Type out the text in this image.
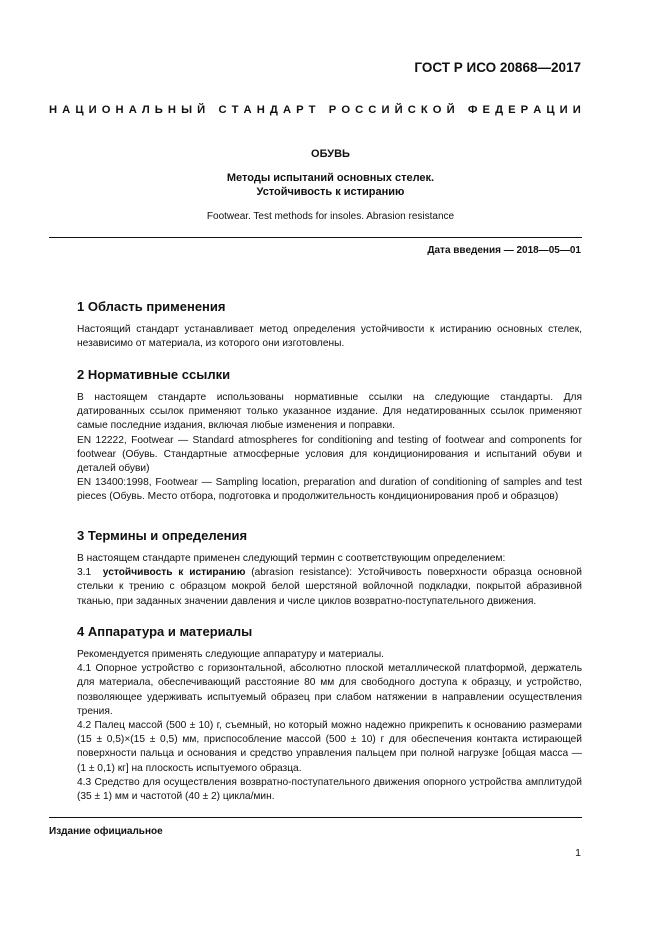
ГОСТ Р ИСО 20868—2017
Н А Ц И О Н А Л Ь Н Ы Й
С Т А Н Д А Р Т
Р О С С И Й С К О Й
Ф Е Д Е Р А Ц И И
ОБУВЬ
Методы испытаний основных стелек.
Устойчивость к истиранию
Footwear. Test methods for insoles. Abrasion resistance
Дата введения — 2018—05—01
1 Область применения

Настоящий стандарт устанавливает метод определения устойчивости к истиранию основных стелек, независимо от материала, из которого они изготовлены.

2 Нормативные ссылки

В настоящем стандарте использованы нормативные ссылки на следующие стандарты. Для датированных ссылок применяют только указанное издание. Для недатированных ссылок применяют самые последние издания, включая любые изменения и поправки.

EN 12222, Footwear — Standard atmospheres for conditioning and testing of footwear and components for footwear (Обувь. Стандартные атмосферные условия для кондиционирования и испытаний обуви и деталей обуви)

EN 13400:1998, Footwear — Sampling location, preparation and duration of conditioning of samples and test pieces (Обувь. Место отбора, подготовка и продолжительность кондиционирования проб и образцов)

3 Термины и определения

В настоящем стандарте применен следующий термин с соответствующим определением:

3.1 устойчивость к истиранию (abrasion resistance): Устойчивость поверхности образца основной стельки к трению с образцом мокрой белой шерстяной войлочной подкладки, покрытой абразивной тканью, при заданных значении давления и числе циклов возвратно-поступательного движения.

4 Аппаратура и материалы

Рекомендуется применять следующие аппаратуру и материалы.

4.1 Опорное устройство с горизонтальной, абсолютно плоской металлической платформой, держатель для материала, обеспечивающий расстояние 80 мм для свободного доступа к образцу, и устройство, позволяющее удерживать испытуемый образец при слабом натяжении в направлении осуществления трения.

4.2 Палец массой (500 ± 10) г, съемный, но который можно надежно прикрепить к основанию размерами (15 ± 0,5)×(15 ± 0,5) мм, приспособление массой (500 ± 10) г для обеспечения контакта истирающей поверхности пальца и основания и средство управления пальцем при полной нагрузке [общая масса — (1 ± 0,1) кг] на плоскость испытуемого образца.

4.3 Средство для осуществления возвратно-поступательного движения опорного устройства амплитудой (35 ± 1) мм и частотой (40 ± 2) цикла/мин.

Издание официальное
1
